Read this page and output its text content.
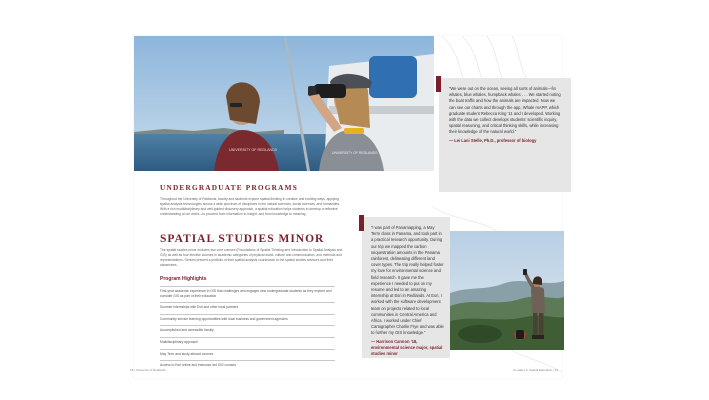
UNIVERSITY OF REDLANDS
UNIVERSITY OF REDLANDS

“We were out on the ocean, seeing all sorts of animals—fin whales, blue whales, humpback whales . . . We started noting the boat traffic and how the animals are impacted. Now we can see our charts and through the app, Whale mAPP, which graduate student Rebecca King ’11 and I developed. Working with the data we collect develops students’ scientific inquiry, spatial reasoning, and critical thinking skills, while increasing their knowledge of the natural world.”

— Lei Lani Stelle, Ph.D., professor of biology

UNDERGRADUATE PROGRAMS

Throughout the University of Redlands, faculty and students explore spatial thinking in creative and exciting ways, applying spatial analysis technologies across a wide spectrum of disciplines in the natural sciences, social sciences, and humanities. With a rich multidisciplinary and well-guided discovery approach, a spatial education helps students to develop a reflective understanding of our world—to proceed from information to insight, and from knowledge to meaning.

SPATIAL STUDIES MINOR

The spatial studies minor includes two core courses (Foundations of Spatial Thinking and Introduction to Spatial Analysis and GIS) as well as four elective courses in academic categories of physical world, culture and communication, and methods and representations. Seniors present a portfolio of their spatial analysis coursework to the spatial studies advisors and their classmates.

Program Highlights
First-year academic experience in GIS that challenges and engages new undergraduate students as they explore and consider GIS as part of their education
Summer internships with Esri and other local partners
Community service learning opportunities with local business and government agencies
Accomplished and accessible faculty
Multidisciplinary approach
May Term and study abroad courses
Access to Esri online and instructor-led GIS courses

“I was part of Panamapping, a May Term class in Panama, and took part in a practical research opportunity. During our trip we mapped the carbon sequestration amounts in the Panama rainforest, delineating different land cover types. The trip really helped foster my love for environmental science and field research. It gave me the experience I needed to put on my resume and led to an amazing internship at Esri in Redlands. At Esri, I worked with the software development team on projects related to local communities in Central America and Africa. I worked under Chief Cartographer Charlie Frye and was able to further my GIS knowledge.”

— Harrison Cannon ’18, environmental science major, spatial studies minor

18 | University of Redlands	A Leader in Spatial Education | 19
